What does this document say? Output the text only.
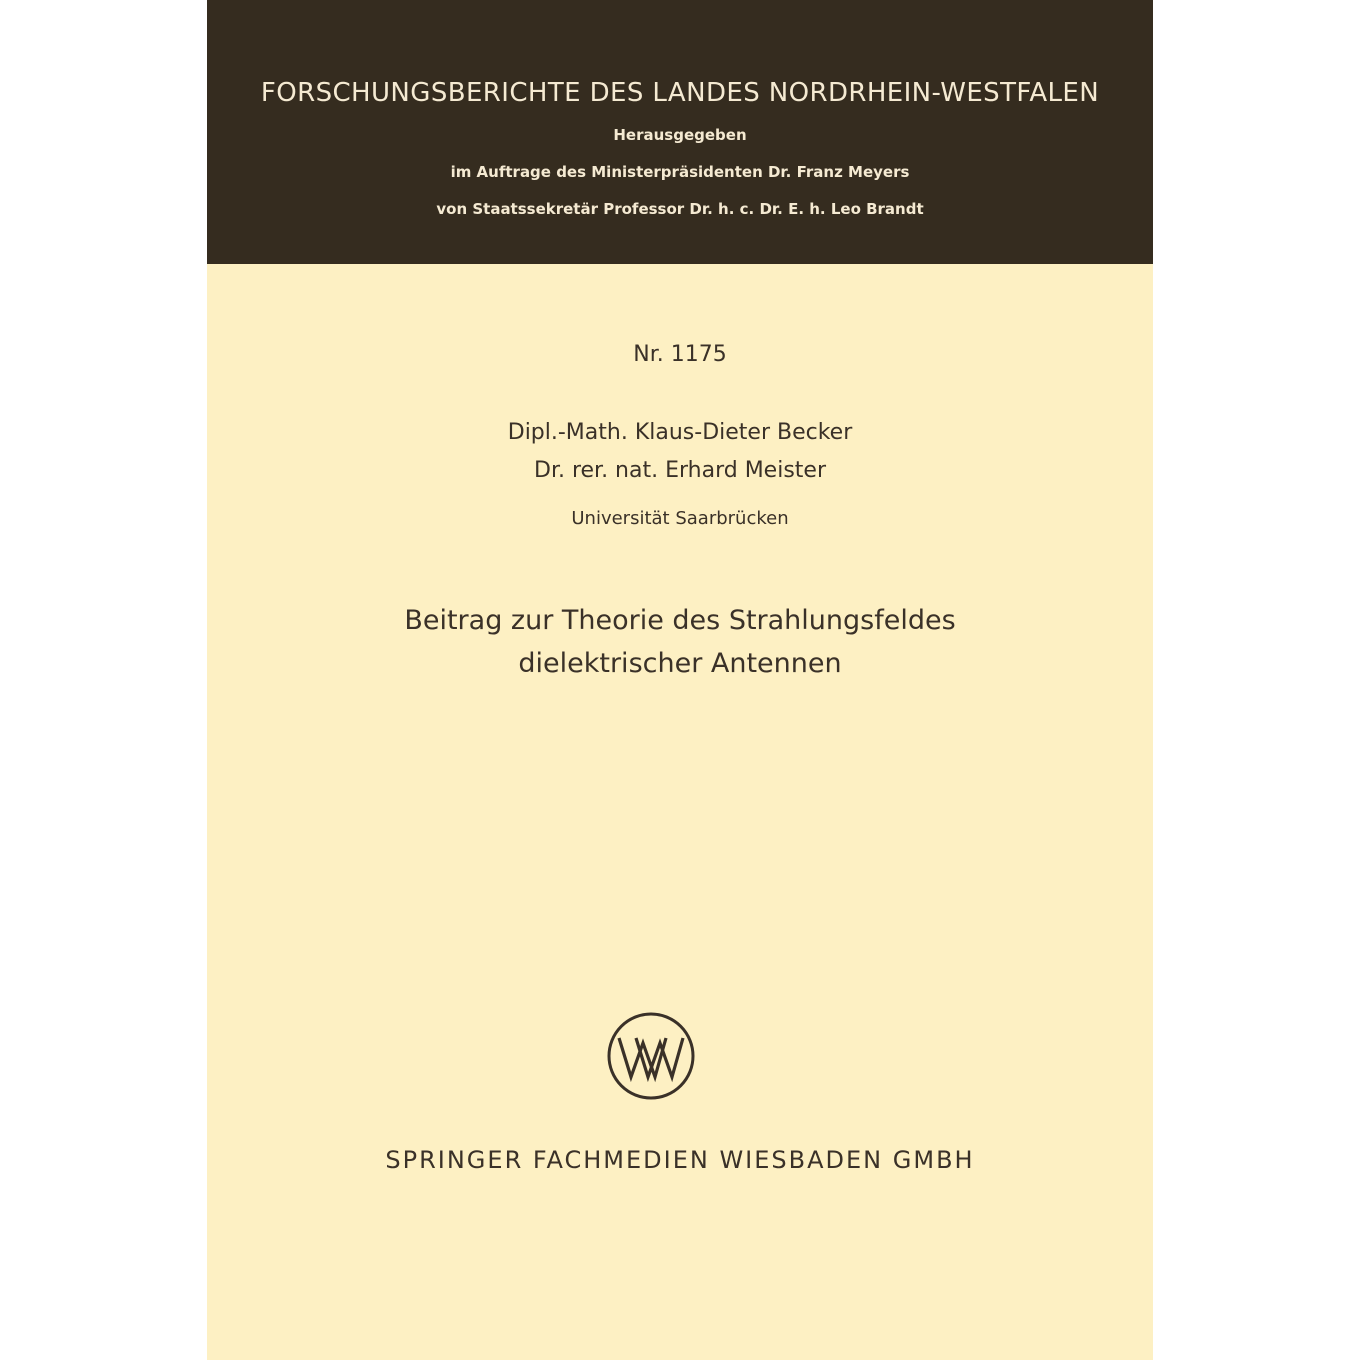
FORSCHUNGSBERICHTE DES LANDES NORDRHEIN-WESTFALEN
Herausgegeben
im Auftrage des Ministerpräsidenten Dr. Franz Meyers
von Staatssekretär Professor Dr. h. c. Dr. E. h. Leo Brandt
Nr. 1175
Dipl.-Math. Klaus-Dieter Becker
Dr. rer. nat. Erhard Meister
Universität Saarbrücken
Beitrag zur Theorie des Strahlungsfeldes
dielektrischer Antennen
SPRINGER FACHMEDIEN WIESBADEN GMBH
